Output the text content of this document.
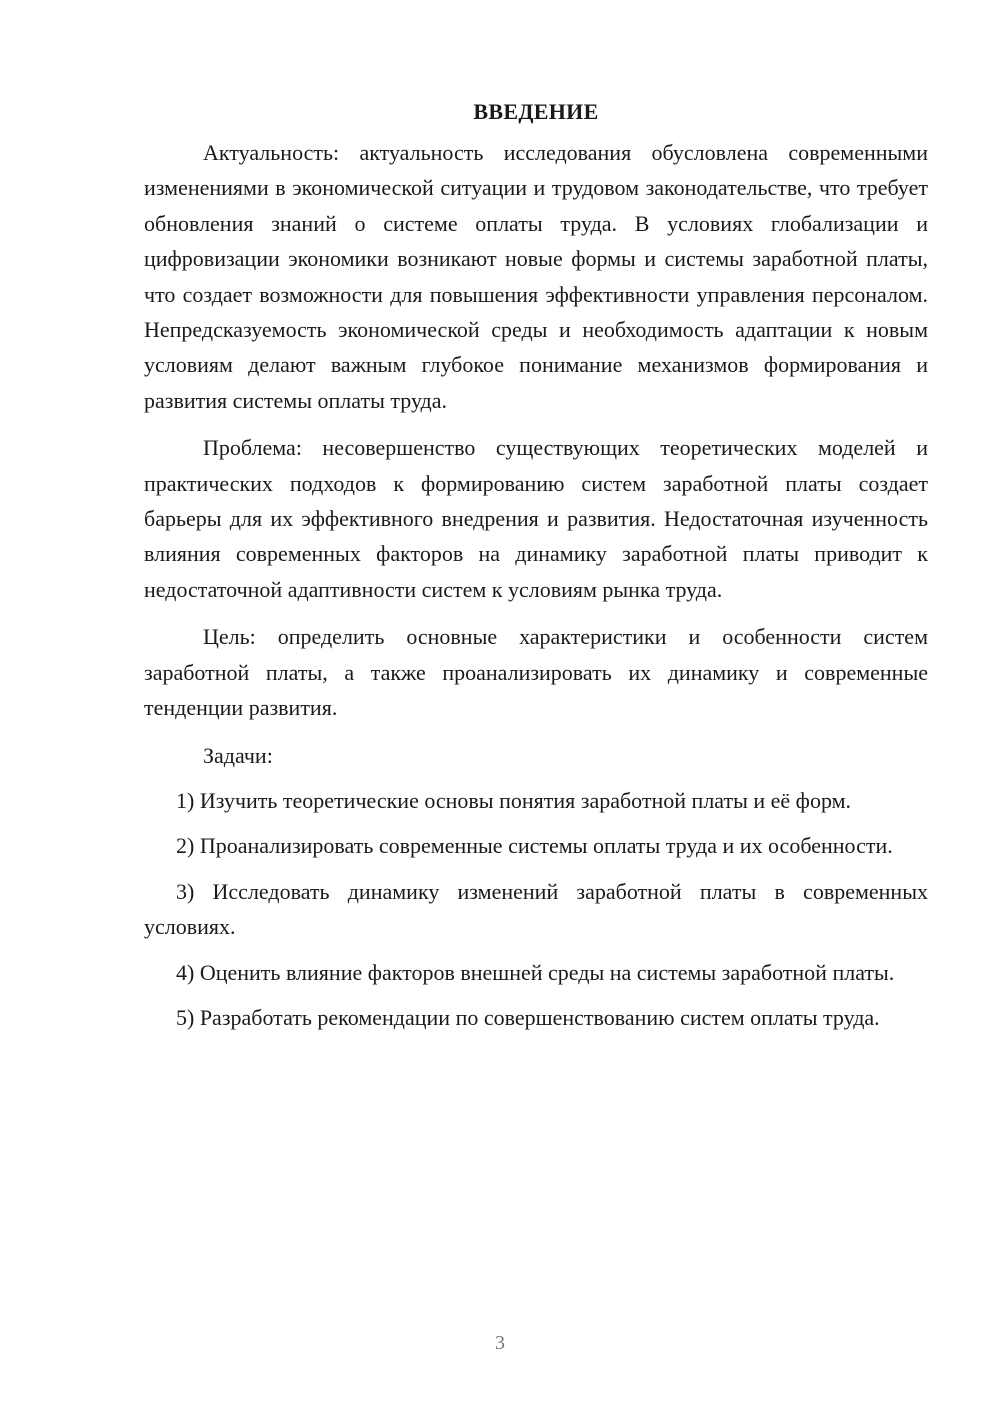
ВВЕДЕНИЕ

Актуальность: актуальность исследования обусловлена современными изменениями в экономической ситуации и трудовом законодательстве, что требует обновления знаний о системе оплаты труда. В условиях глобализации и цифровизации экономики возникают новые формы и системы заработной платы, что создает возможности для повышения эффективности управления персоналом. Непредсказуемость экономической среды и необходимость адаптации к новым условиям делают важным глубокое понимание механизмов формирования и развития системы оплаты труда.

Проблема: несовершенство существующих теоретических моделей и практических подходов к формированию систем заработной платы создает барьеры для их эффективного внедрения и развития. Недостаточная изученность влияния современных факторов на динамику заработной платы приводит к недостаточной адаптивности систем к условиям рынка труда.

Цель: определить основные характеристики и особенности систем заработной платы, а также проанализировать их динамику и современные тенденции развития.

Задачи:

1) Изучить теоретические основы понятия заработной платы и её форм.

2) Проанализировать современные системы оплаты труда и их особенности.

3) Исследовать динамику изменений заработной платы в современных условиях.

4) Оценить влияние факторов внешней среды на системы заработной платы.

5) Разработать рекомендации по совершенствованию систем оплаты труда.

3
